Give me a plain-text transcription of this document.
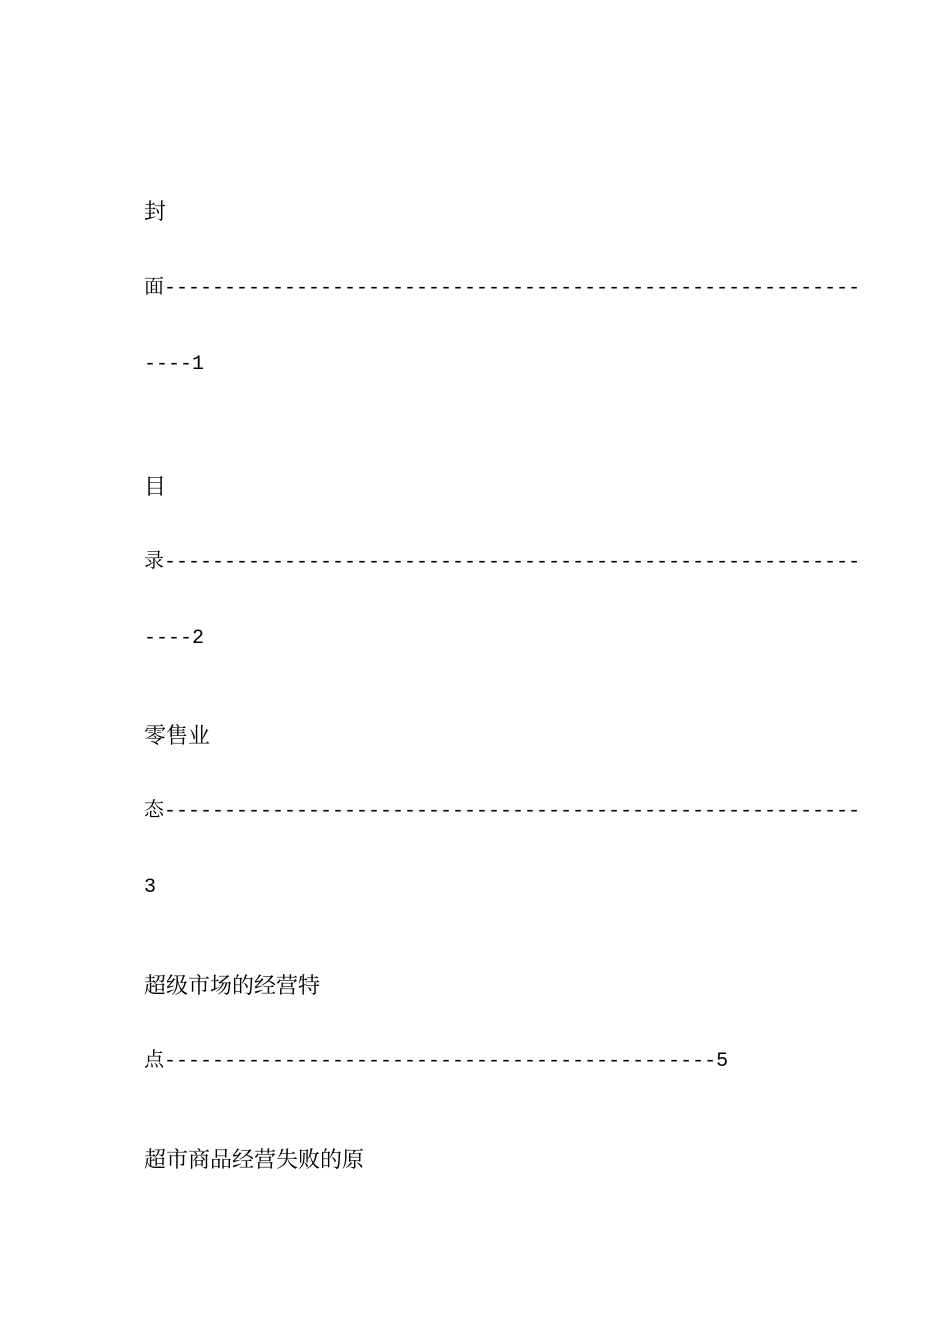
封
面----------------------------------------------------------
----1
目
录----------------------------------------------------------
----2
零售业
态----------------------------------------------------------
3
超级市场的经营特
点----------------------------------------------5
超市商品经营失败的原
